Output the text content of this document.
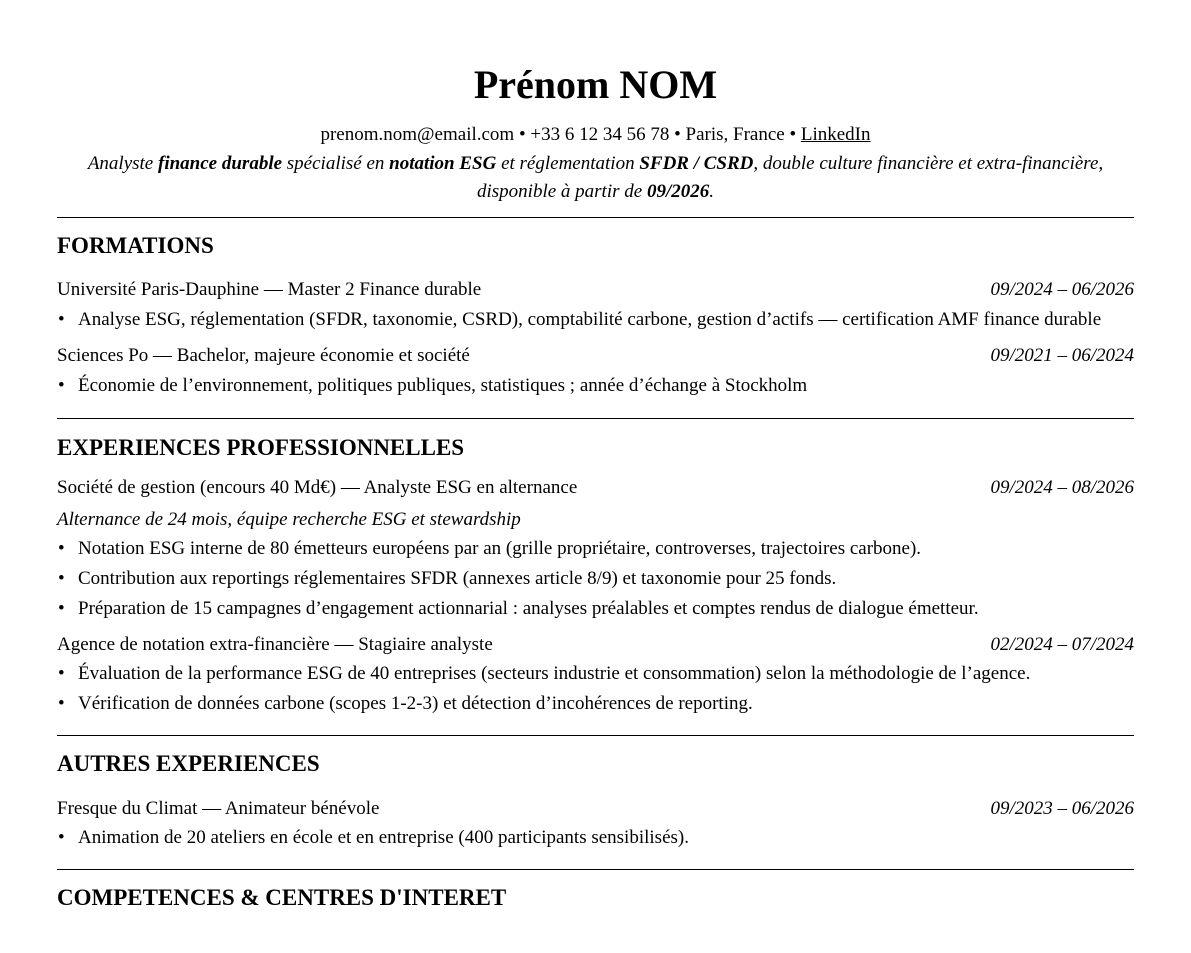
Prénom NOM
prenom.nom@email.com • +33 6 12 34 56 78 • Paris, France • LinkedIn
Analyste finance durable spécialisé en notation ESG et réglementation SFDR / CSRD, double culture financière et extra-financière, disponible à partir de 09/2026.
FORMATIONS
Université Paris-Dauphine — Master 2 Finance durable	09/2024 – 06/2026
• Analyse ESG, réglementation (SFDR, taxonomie, CSRD), comptabilité carbone, gestion d’actifs — certification AMF finance durable
Sciences Po — Bachelor, majeure économie et société	09/2021 – 06/2024
• Économie de l’environnement, politiques publiques, statistiques ; année d’échange à Stockholm
EXPERIENCES PROFESSIONNELLES
Société de gestion (encours 40 Md€) — Analyste ESG en alternance	09/2024 – 08/2026
Alternance de 24 mois, équipe recherche ESG et stewardship
• Notation ESG interne de 80 émetteurs européens par an (grille propriétaire, controverses, trajectoires carbone).
• Contribution aux reportings réglementaires SFDR (annexes article 8/9) et taxonomie pour 25 fonds.
• Préparation de 15 campagnes d’engagement actionnarial : analyses préalables et comptes rendus de dialogue émetteur.
Agence de notation extra-financière — Stagiaire analyste	02/2024 – 07/2024
• Évaluation de la performance ESG de 40 entreprises (secteurs industrie et consommation) selon la méthodologie de l’agence.
• Vérification de données carbone (scopes 1-2-3) et détection d’incohérences de reporting.
AUTRES EXPERIENCES
Fresque du Climat — Animateur bénévole	09/2023 – 06/2026
• Animation de 20 ateliers en école et en entreprise (400 participants sensibilisés).
COMPETENCES & CENTRES D'INTERET
